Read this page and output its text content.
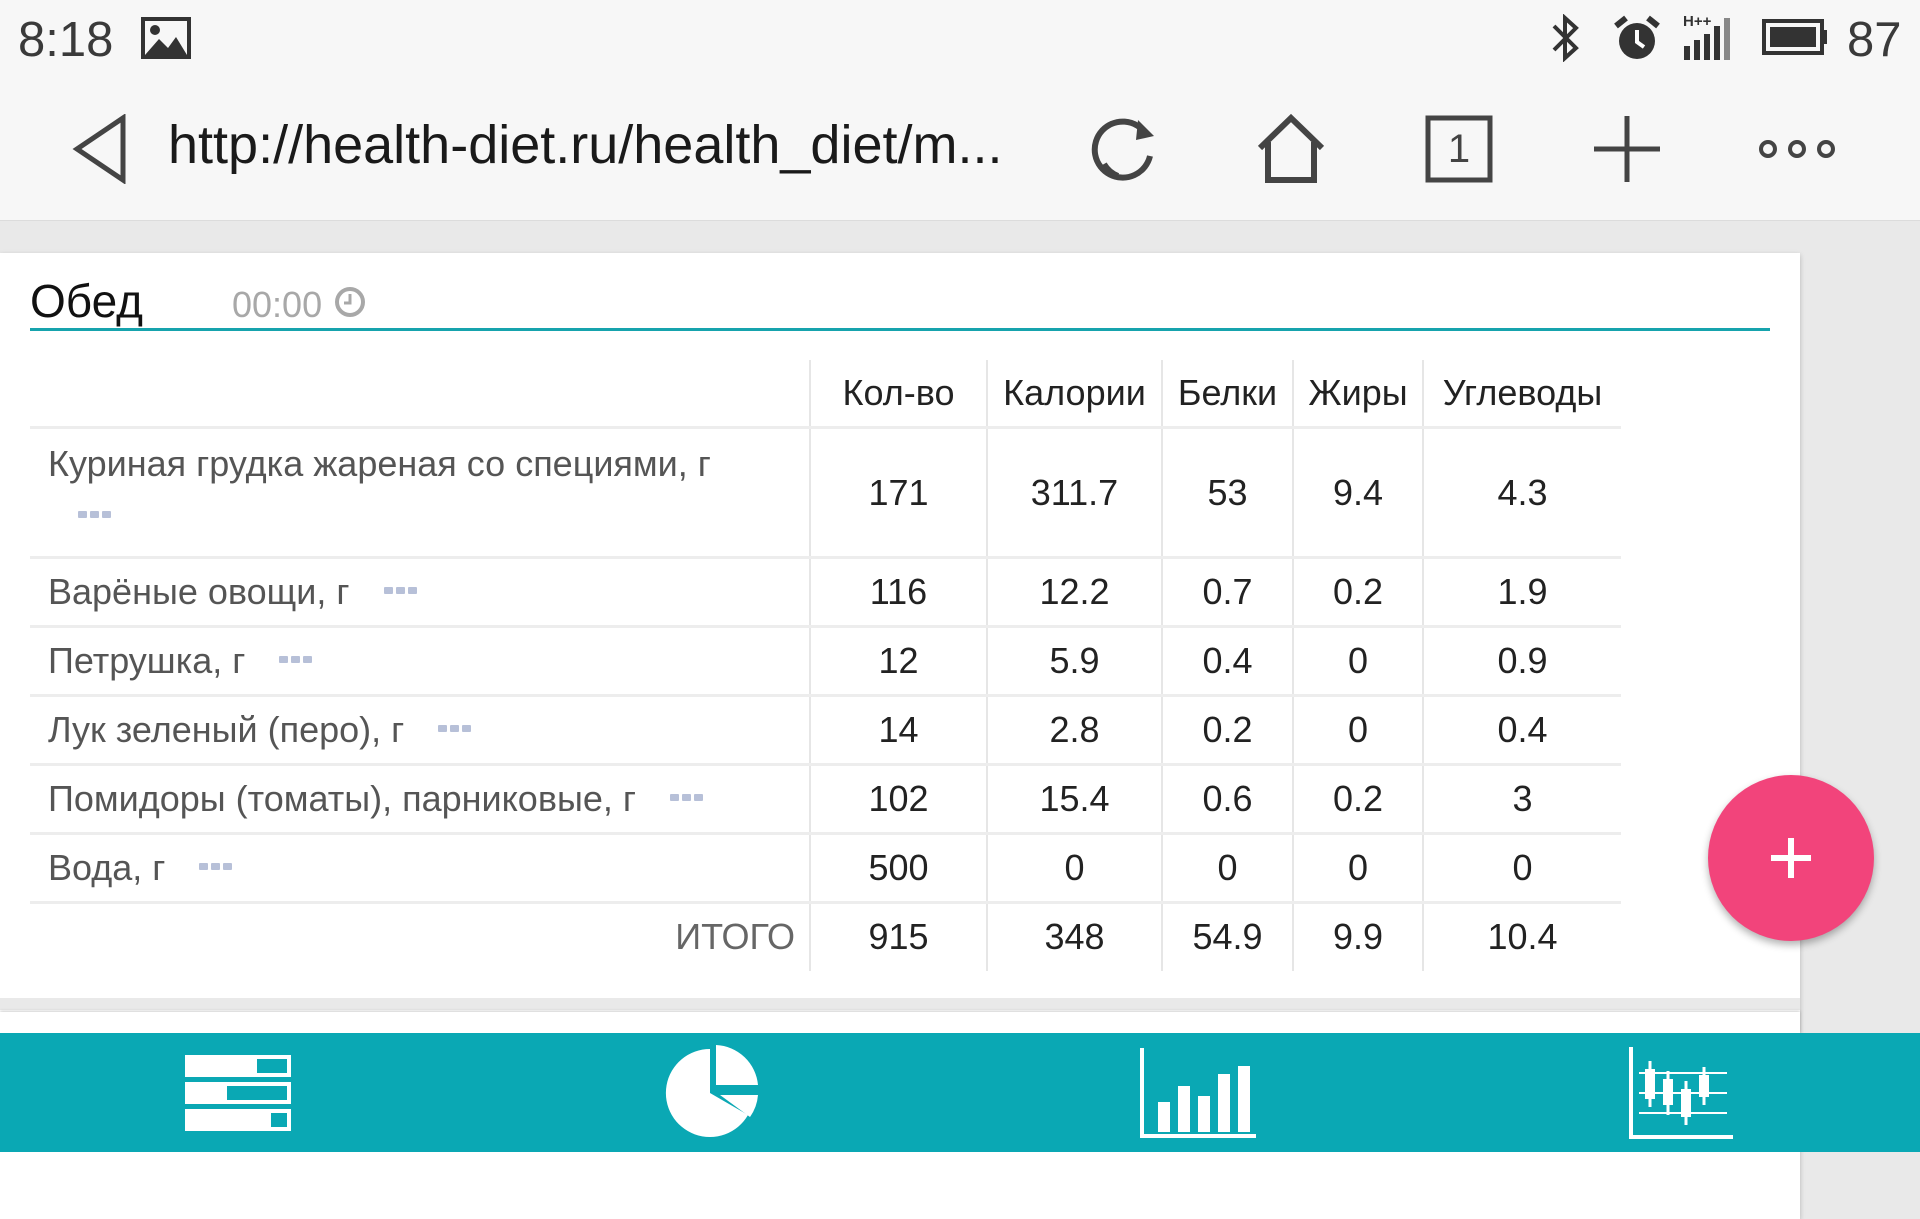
8:18	H++	87
http://health-diet.ru/health_diet/m...	1
Обед 00:00
	Кол-во	Калории	Белки	Жиры	Углеводы
Куриная грудка жареная со специями, г	171	311.7	53	9.4	4.3
Варёные овощи, г	116	12.2	0.7	0.2	1.9
Петрушка, г	12	5.9	0.4	0	0.9
Лук зеленый (перо), г	14	2.8	0.2	0	0.4
Помидоры (томаты), парниковые, г	102	15.4	0.6	0.2	3
Вода, г	500	0	0	0	0
ИТОГО	915	348	54.9	9.9	10.4
